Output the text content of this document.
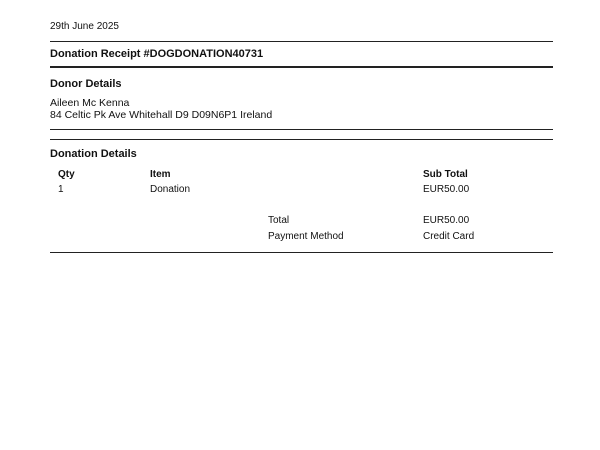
29th June 2025
Donation Receipt #DOGDONATION40731
Donor Details
Aileen Mc Kenna
84 Celtic Pk Ave Whitehall D9 D09N6P1 Ireland
Donation Details
Qty	Item	Sub Total
1	Donation	EUR50.00
Total	EUR50.00
Payment Method	Credit Card
